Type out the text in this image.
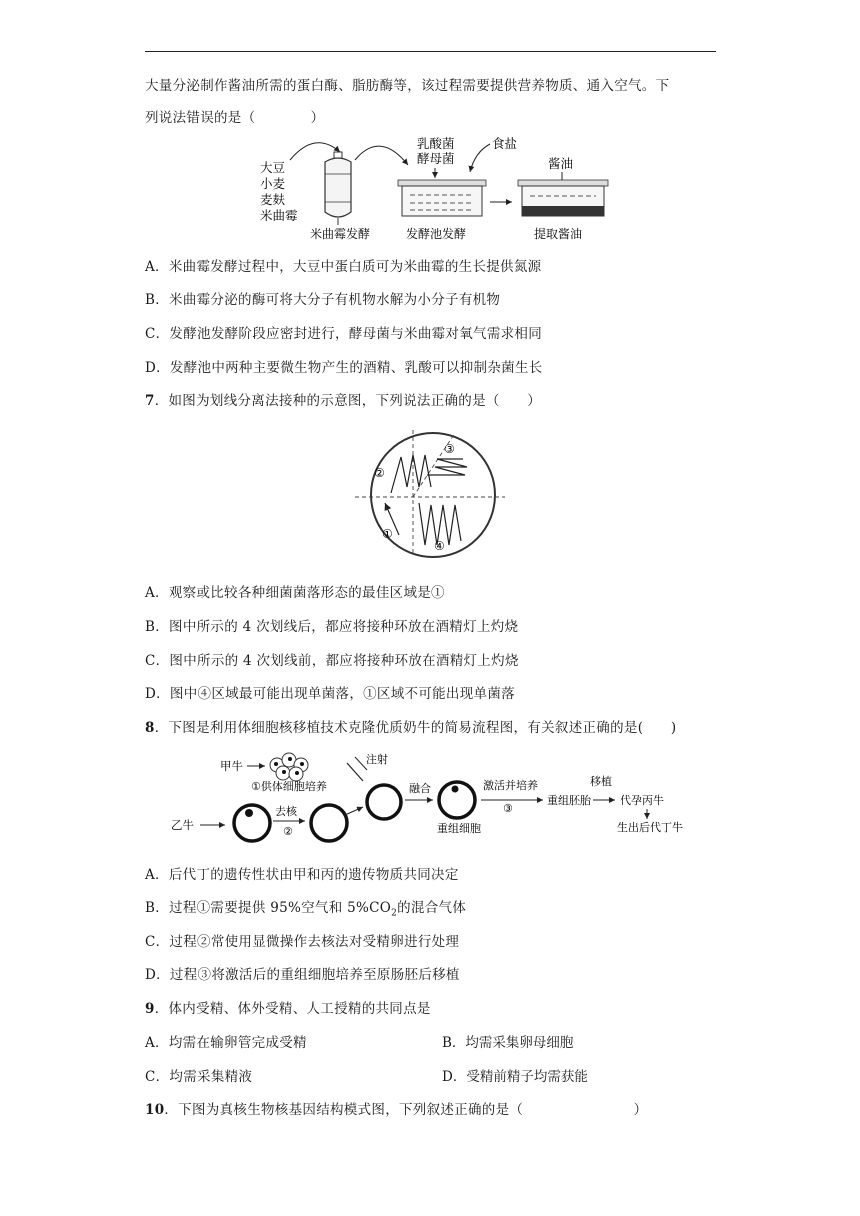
大量分泌制作酱油所需的蛋白酶、脂肪酶等，该过程需要提供营养物质、通入空气。下
列说法错误的是（　　　　）
大豆
小麦
麦麸
米曲霉
米曲霉发酵
乳酸菌
酵母菌
食盐
发酵池发酵
酱油
提取酱油
A．米曲霉发酵过程中，大豆中蛋白质可为米曲霉的生长提供氮源
B．米曲霉分泌的酶可将大分子有机物水解为小分子有机物
C．发酵池发酵阶段应密封进行，酵母菌与米曲霉对氧气需求相同
D．发酵池中两种主要微生物产生的酒精、乳酸可以抑制杂菌生长
7．如图为划线分离法接种的示意图，下列说法正确的是（　　）
①
②
③
④
A．观察或比较各种细菌菌落形态的最佳区域是①
B．图中所示的 4 次划线后，都应将接种环放在酒精灯上灼烧
C．图中所示的 4 次划线前，都应将接种环放在酒精灯上灼烧
D．图中④区域最可能出现单菌落，①区域不可能出现单菌落
8．下图是利用体细胞核移植技术克隆优质奶牛的简易流程图，有关叙述正确的是(　　)
甲牛
①供体细胞培养
注射
乙牛
去核
②
融合
重组细胞
激活并培养
③
重组胚胎
移植
代孕丙牛
生出后代丁牛
A．后代丁的遗传性状由甲和丙的遗传物质共同决定
B．过程①需要提供 95%空气和 $5\%CO_2$的混合气体
C．过程②常使用显微操作去核法对受精卵进行处理
D．过程③将激活后的重组细胞培养至原肠胚后移植
9．体内受精、体外受精、人工授精的共同点是
A．均需在输卵管完成受精	B．均需采集卵母细胞
C．均需采集精液	D．受精前精子均需获能
10．下图为真核生物核基因结构模式图，下列叙述正确的是（　　　　　　　　）
